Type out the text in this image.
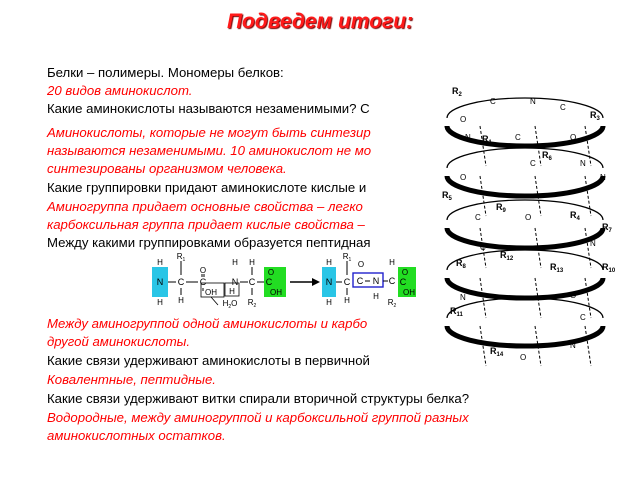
Подведем итоги:
Белки – полимеры. Мономеры белков:
20 видов аминокислот.
Какие аминокислоты называются незаменимыми? С
Аминокислоты, которые не могут быть синтезир
называются незаменимыми. 10 аминокислот не мо
синтезированы организмом человека.
Какие группировки придают аминокислоте кислые и
Аминогруппа придает основные свойства – легко
карбоксильная группа придает кислые свойства –
Между какими группировками образуется пептидная
Между аминогруппой одной аминокислоты и карбо
другой аминокислоты.
Какие связи удерживают аминокислоты в первичной
Ковалентные, пептидные.
Какие связи удерживают витки спирали вторичной структуры белка?
Водородные, между аминогруппой и карбоксильной группой разных
аминокислотных остатков.
H
N
H
$R_1$
C
H
O
C
OH
$H_2O$
H
N
H
H
C
$R_2$
O
C
OH
H
N
H
$R_1$
C
H
O
C N
H
H
C
$R_2$
O
C
OH
$R_1$
$R_2$
$R_3$
$R_4$
$R_5$
$R_6$
$R_7$
$R_8$
$R_9$
$R_{10}$
$R_{11}$
$R_{12}$
$R_{13}$
$R_{14}$
C	N
C
O
N	C	O
N
C
O	N
C	O
N
C
O
N
C
O
N
